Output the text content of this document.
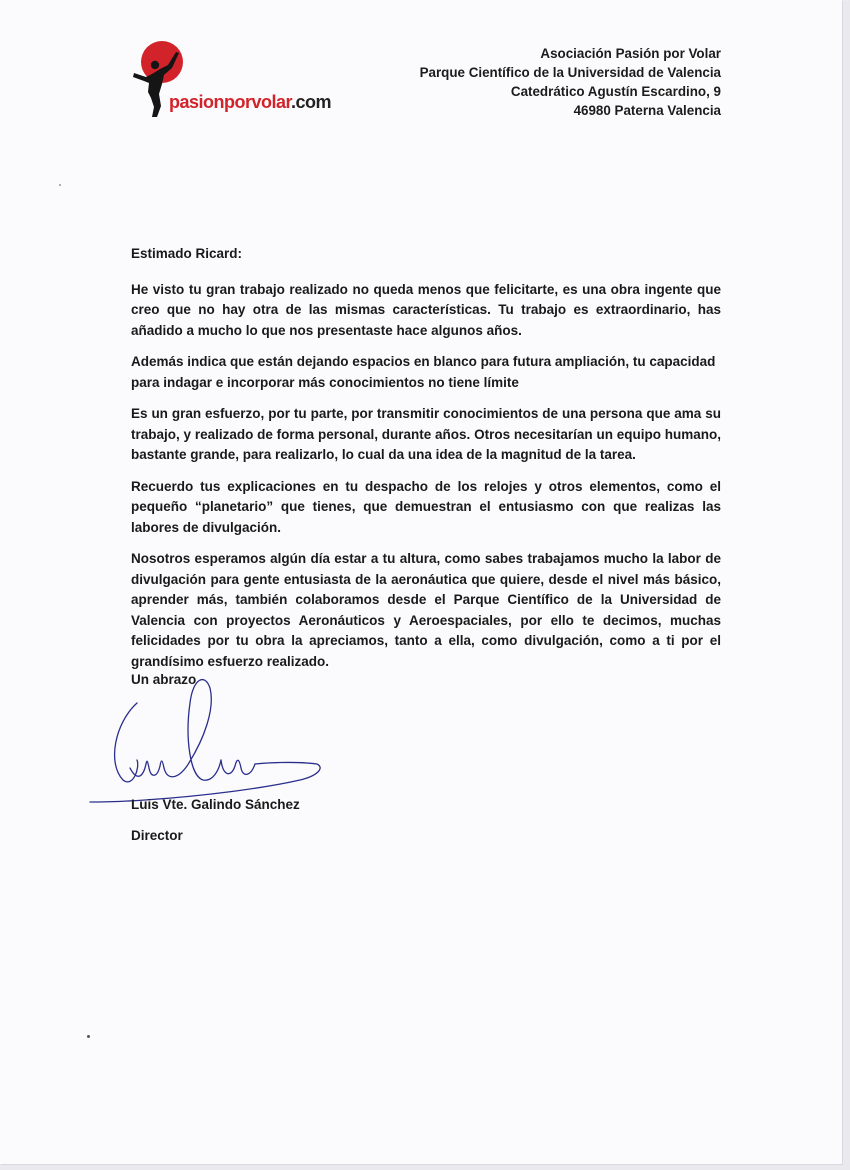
pasionporvolar.com
Asociación Pasión por Volar
Parque Científico de la Universidad de Valencia
Catedrático Agustín Escardino, 9
46980 Paterna Valencia

Estimado Ricard:

He visto tu gran trabajo realizado no queda menos que felicitarte, es una obra ingente que creo que no hay otra de las mismas características. Tu trabajo es extraordinario, has añadido a mucho lo que nos presentaste hace algunos años.

Además indica que están dejando espacios en blanco para futura ampliación, tu capacidad para indagar e incorporar más conocimientos no tiene límite

Es un gran esfuerzo, por tu parte, por transmitir conocimientos de una persona que ama su trabajo, y realizado de forma personal, durante años. Otros necesitarían un equipo humano, bastante grande, para realizarlo, lo cual da una idea de la magnitud de la tarea.

Recuerdo tus explicaciones en tu despacho de los relojes y otros elementos, como el pequeño “planetario” que tienes, que demuestran el entusiasmo con que realizas las labores de divulgación.

Nosotros esperamos algún día estar a tu altura, como sabes trabajamos mucho la labor de divulgación para gente entusiasta de la aeronáutica que quiere, desde el nivel más básico, aprender más, también colaboramos desde el Parque Científico de la Universidad de Valencia con proyectos Aeronáuticos y Aeroespaciales, por ello te decimos, muchas felicidades por tu obra la apreciamos, tanto a ella, como divulgación, como a ti por el grandísimo esfuerzo realizado.

Un abrazo
Luis Vte. Galindo Sánchez
Director
